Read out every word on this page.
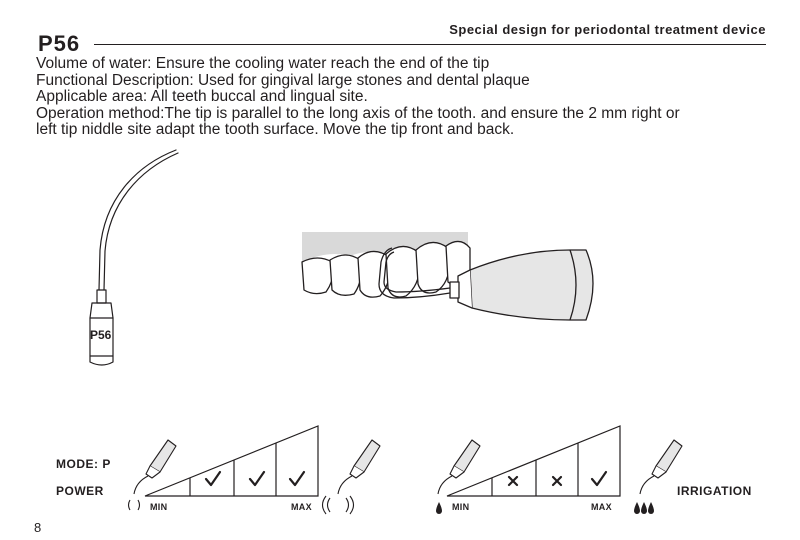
Special design for periodontal treatment device
P56
Volume of water: Ensure the cooling water reach the end of the tip
Functional Description: Used for gingival large stones and dental plaque
Applicable area: All teeth buccal and lingual site.
Operation method:The tip is parallel to the long axis of the tooth. and ensure the 2 mm right or
left tip niddle site adapt the tooth surface. Move the tip front and back.
P56
MODE: P
POWER	IRRIGATION
MIN	MAX	MIN	MAX
8
